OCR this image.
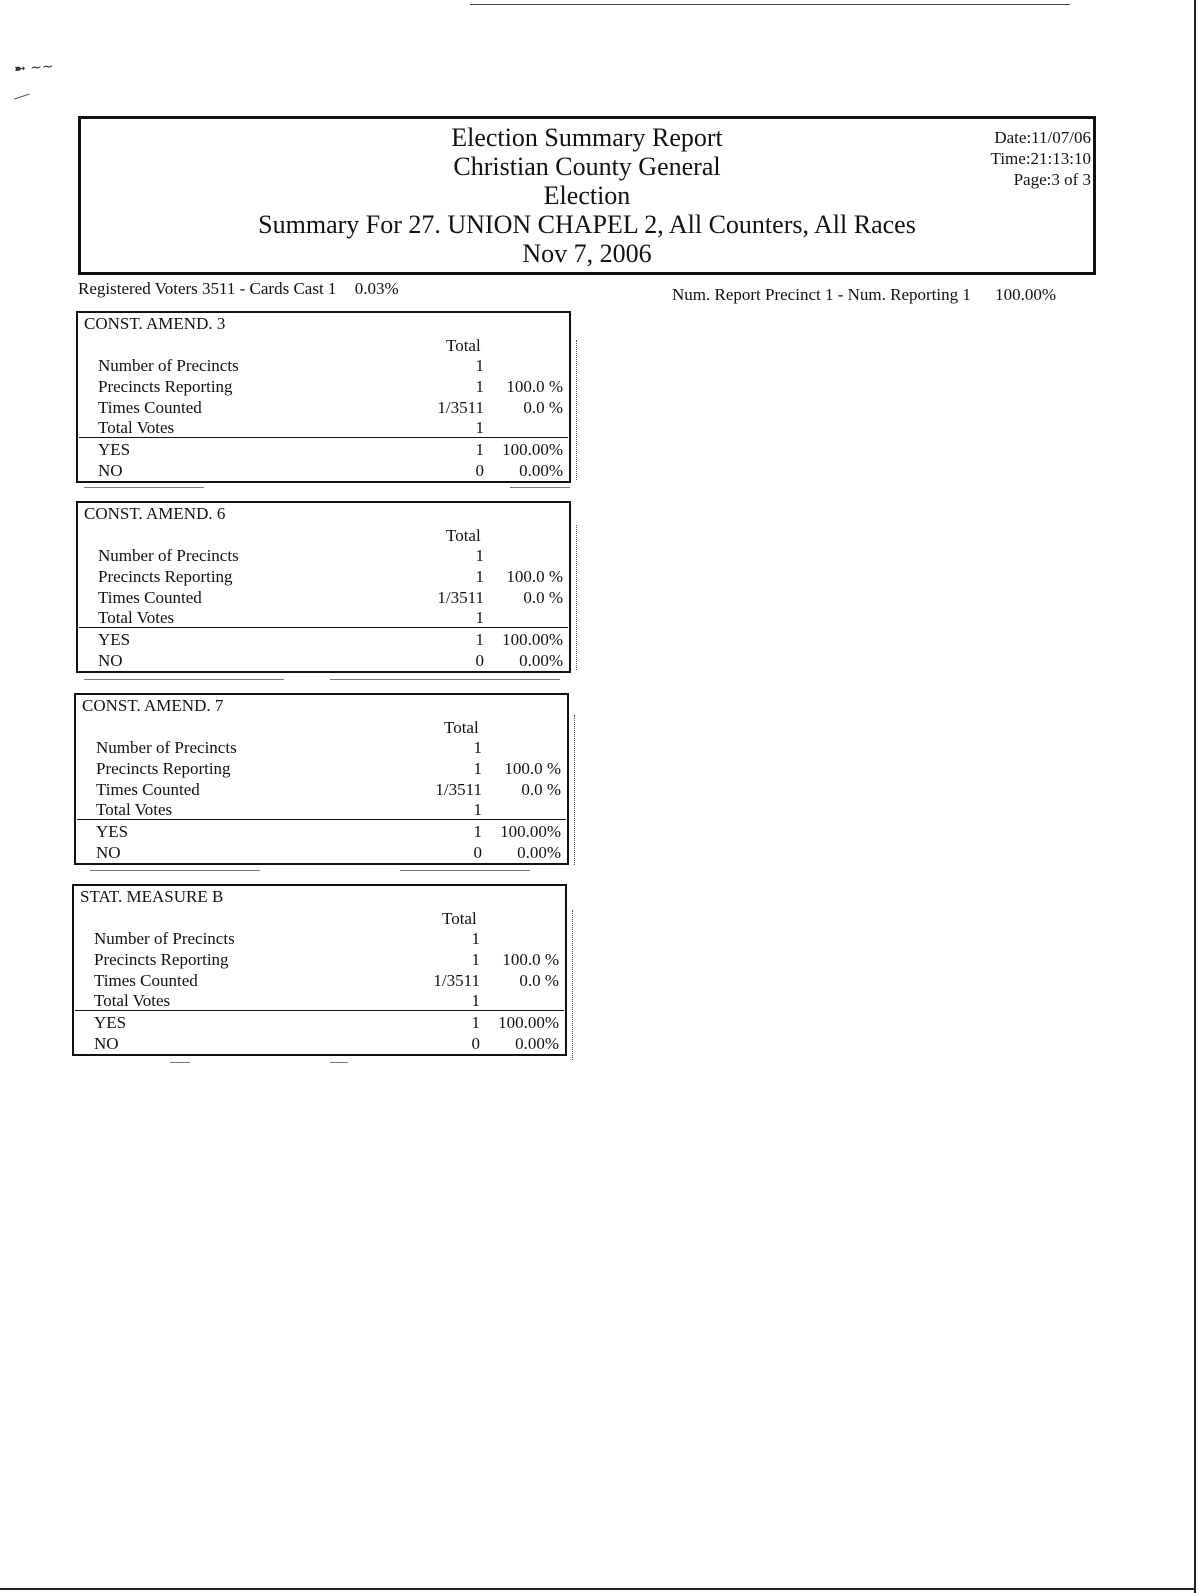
➼ ~~
Election Summary Report
Christian County General
Election
Summary For 27. UNION CHAPEL 2, All Counters, All Races
Nov 7, 2006
Date:11/07/06
Time:21:13:10
Page:3 of 3
Registered Voters 3511 - Cards Cast 1 0.03%	Num. Report Precinct 1 - Num. Reporting 1 100.00%
CONST. AMEND. 3
Total
Number of Precincts	1
Precincts Reporting	1 100.0 %
Times Counted	1/3511 0.0 %
Total Votes	1
YES	1 100.00%
NO	0 0.00%
CONST. AMEND. 6
Total
Number of Precincts	1
Precincts Reporting	1 100.0 %
Times Counted	1/3511 0.0 %
Total Votes	1
YES	1 100.00%
NO	0 0.00%
CONST. AMEND. 7
Total
Number of Precincts	1
Precincts Reporting	1 100.0 %
Times Counted	1/3511 0.0 %
Total Votes	1
YES	1 100.00%
NO	0 0.00%
STAT. MEASURE B
Total
Number of Precincts	1
Precincts Reporting	1 100.0 %
Times Counted	1/3511 0.0 %
Total Votes	1
YES	1 100.00%
NO	0 0.00%
